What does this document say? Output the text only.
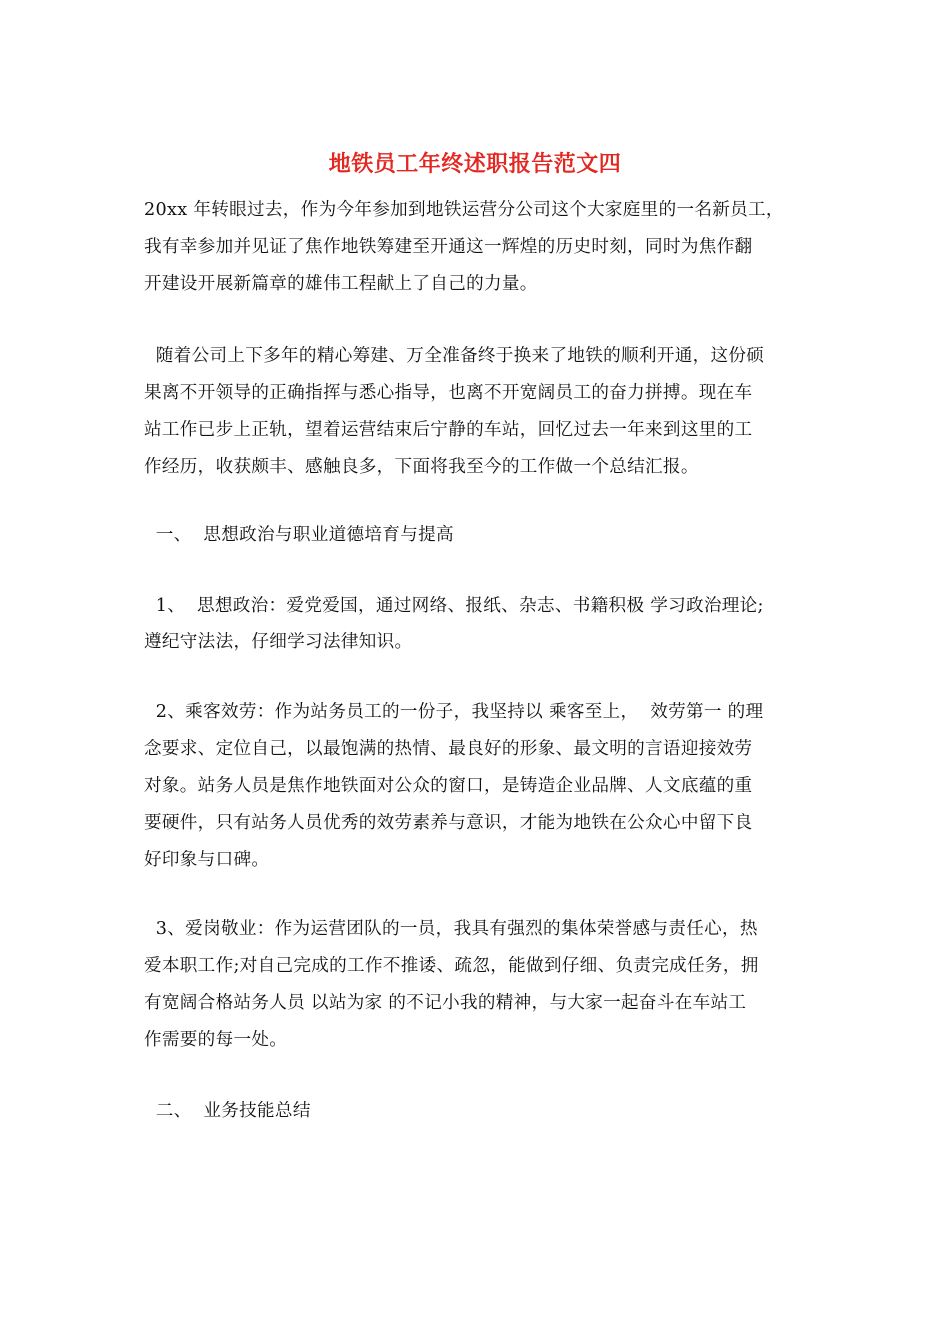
地铁员工年终述职报告范文四
20xx 年转眼过去，作为今年参加到地铁运营分公司这个大家庭里的一名新员工，
我有幸参加并见证了焦作地铁筹建至开通这一辉煌的历史时刻，同时为焦作翻
开建设开展新篇章的雄伟工程献上了自己的力量。
随着公司上下多年的精心筹建、万全准备终于换来了地铁的顺利开通，这份硕
果离不开领导的正确指挥与悉心指导，也离不开宽阔员工的奋力拼搏。现在车
站工作已步上正轨，望着运营结束后宁静的车站，回忆过去一年来到这里的工
作经历，收获颇丰、感触良多，下面将我至今的工作做一个总结汇报。
一、  思想政治与职业道德培育与提高
1、  思想政治：爱党爱国，通过网络、报纸、杂志、书籍积极 学习政治理论;
遵纪守法法，仔细学习法律知识。
2、乘客效劳：作为站务员工的一份子，我坚持以 乘客至上，  效劳第一 的理
念要求、定位自己，以最饱满的热情、最良好的形象、最文明的言语迎接效劳
对象。站务人员是焦作地铁面对公众的窗口，是铸造企业品牌、人文底蕴的重
要硬件，只有站务人员优秀的效劳素养与意识，才能为地铁在公众心中留下良
好印象与口碑。
3、爱岗敬业：作为运营团队的一员，我具有强烈的集体荣誉感与责任心，热
爱本职工作;对自己完成的工作不推诿、疏忽，能做到仔细、负责完成任务，拥
有宽阔合格站务人员 以站为家 的不记小我的精神，与大家一起奋斗在车站工
作需要的每一处。
二、  业务技能总结
